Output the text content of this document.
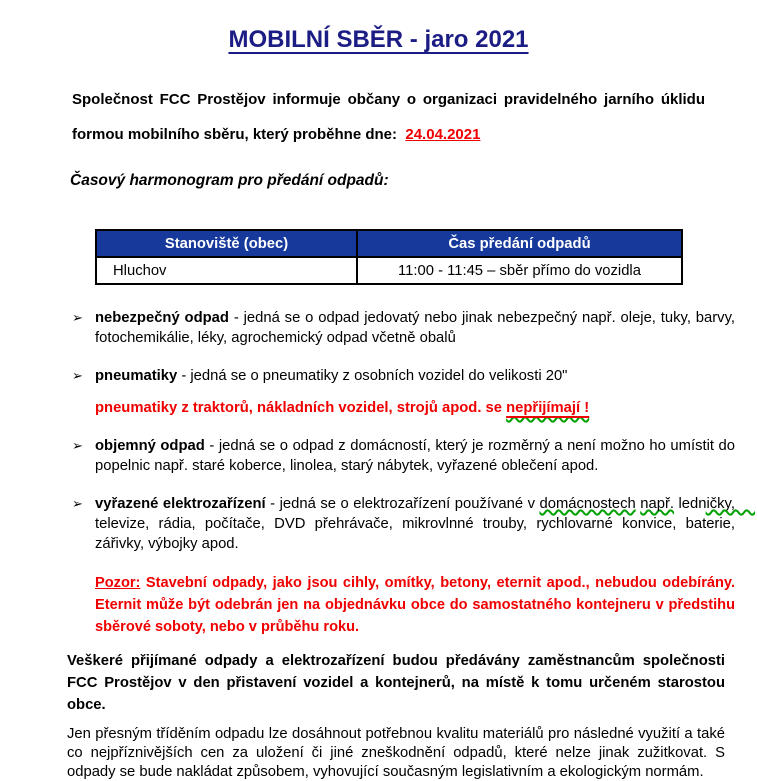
MOBILNÍ SBĚR - jaro 2021

Společnost FCC Prostějov informuje občany o organizaci pravidelného jarního úklidu formou mobilního sběru, který proběhne dne: 24.04.2021

Časový harmonogram pro předání odpadů:

Stanoviště (obec)	Čas předání odpadů
Hluchov	11:00 - 11:45 – sběr přímo do vozidla
➢ nebezpečný odpad - jedná se o odpad jedovatý nebo jinak nebezpečný např. oleje, tuky, barvy, fotochemikálie, léky, agrochemický odpad včetně obalů
➢ pneumatiky - jedná se o pneumatiky z osobních vozidel do velikosti 20"

pneumatiky z traktorů, nákladních vozidel, strojů apod. se nepřijímají !

➢ objemný odpad - jedná se o odpad z domácností, který je rozměrný a není možno ho umístit do popelnic např. staré koberce, linolea, starý nábytek, vyřazené oblečení apod.
➢ vyřazené elektrozařízení - jedná se o elektrozařízení používané v domácnostech např. ledničky, televize, rádia, počítače, DVD přehrávače, mikrovlnné trouby, rychlovarné konvice, baterie, zářivky, výbojky apod.

Pozor: Stavební odpady, jako jsou cihly, omítky, betony, eternit apod., nebudou odebírány. Eternit může být odebrán jen na objednávku obce do samostatného kontejneru v předstihu sběrové soboty, nebo v průběhu roku.

Veškeré přijímané odpady a elektrozařízení budou předávány zaměstnancům společnosti FCC Prostějov v den přistavení vozidel a kontejnerů, na místě k tomu určeném starostou obce.

Jen přesným tříděním odpadu lze dosáhnout potřebnou kvalitu materiálů pro následné využití a také co nejpříznivějších cen za uložení či jiné zneškodnění odpadů, které nelze jinak zužitkovat. S odpady se bude nakládat způsobem, vyhovující současným legislativním a ekologickým normám.
